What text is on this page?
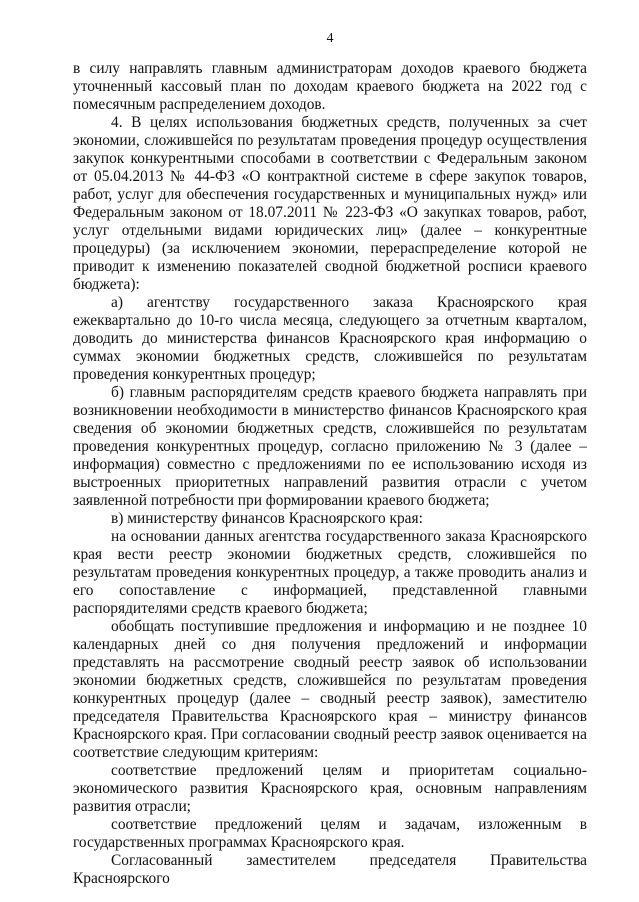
4

в силу направлять главным администраторам доходов краевого бюджета уточненный кассовый план по доходам краевого бюджета на 2022 год с помесячным распределением доходов.

4. В целях использования бюджетных средств, полученных за счет экономии, сложившейся по результатам проведения процедур осуществления закупок конкурентными способами в соответствии с Федеральным законом от 05.04.2013 № 44-ФЗ «О контрактной системе в сфере закупок товаров, работ, услуг для обеспечения государственных и муниципальных нужд» или Федеральным законом от 18.07.2011 № 223-ФЗ «О закупках товаров, работ, услуг отдельными видами юридических лиц» (далее – конкурентные процедуры) (за исключением экономии, перераспределение которой не приводит к изменению показателей сводной бюджетной росписи краевого бюджета):

а) агентству государственного заказа Красноярского края ежеквартально до 10-го числа месяца, следующего за отчетным кварталом, доводить до министерства финансов Красноярского края информацию о суммах экономии бюджетных средств, сложившейся по результатам проведения конкурентных процедур;

б) главным распорядителям средств краевого бюджета направлять при возникновении необходимости в министерство финансов Красноярского края сведения об экономии бюджетных средств, сложившейся по результатам проведения конкурентных процедур, согласно приложению № 3 (далее – информация) совместно с предложениями по ее использованию исходя из выстроенных приоритетных направлений развития отрасли с учетом заявленной потребности при формировании краевого бюджета;

в) министерству финансов Красноярского края:

на основании данных агентства государственного заказа Красноярского края вести реестр экономии бюджетных средств, сложившейся по результатам проведения конкурентных процедур, а также проводить анализ и его сопоставление с информацией, представленной главными распорядителями средств краевого бюджета;

обобщать поступившие предложения и информацию и не позднее 10 календарных дней со дня получения предложений и информации представлять на рассмотрение сводный реестр заявок об использовании экономии бюджетных средств, сложившейся по результатам проведения конкурентных процедур (далее – сводный реестр заявок), заместителю председателя Правительства Красноярского края – министру финансов Красноярского края. При согласовании сводный реестр заявок оценивается на соответствие следующим критериям:

соответствие предложений целям и приоритетам социально-экономического развития Красноярского края, основным направлениям развития отрасли;

соответствие предложений целям и задачам, изложенным в государственных программах Красноярского края.

Согласованный заместителем председателя Правительства Красноярского
